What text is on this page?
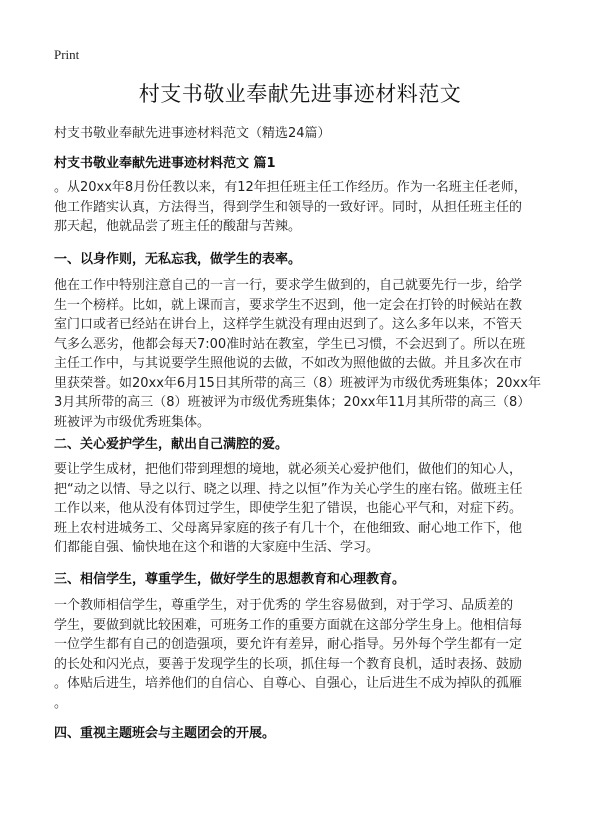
Print
村支书敬业奉献先进事迹材料范文
村支书敬业奉献先进事迹材料范文（精选24篇）
村支书敬业奉献先进事迹材料范文 篇1
。从20xx年8月份任教以来，有12年担任班主任工作经历。作为一名班主任老师，
他工作踏实认真，方法得当，得到学生和领导的一致好评。同时，从担任班主任的
那天起，他就品尝了班主任的酸甜与苦辣。
一、以身作则，无私忘我，做学生的表率。
他在工作中特别注意自己的一言一行，要求学生做到的，自己就要先行一步，给学
生一个榜样。比如，就上课而言，要求学生不迟到，他一定会在打铃的时候站在教
室门口或者已经站在讲台上，这样学生就没有理由迟到了。这么多年以来，不管天
气多么恶劣，他都会每天7:00准时站在教室，学生已习惯，不会迟到了。所以在班
主任工作中，与其说要学生照他说的去做，不如改为照他做的去做。并且多次在市
里获荣誉。如20xx年6月15日其所带的高三（8）班被评为市级优秀班集体；20xx年
3月其所带的高三（8）班被评为市级优秀班集体；20xx年11月其所带的高三（8）
班被评为市级优秀班集体。
二、关心爱护学生，献出自己满腔的爱。
要让学生成材，把他们带到理想的境地，就必须关心爱护他们，做他们的知心人，
把“动之以情、导之以行、晓之以理、持之以恒”作为关心学生的座右铭。做班主任
工作以来，他从没有体罚过学生，即使学生犯了错误，也能心平气和，对症下药。
班上农村进城务工、父母离异家庭的孩子有几十个，在他细致、耐心地工作下，他
们都能自强、愉快地在这个和谐的大家庭中生活、学习。
三、相信学生，尊重学生，做好学生的思想教育和心理教育。
一个教师相信学生，尊重学生，对于优秀的 学生容易做到，对于学习、品质差的
学生，要做到就比较困难，可班务工作的重要方面就在这部分学生身上。他相信每
一位学生都有自己的创造强项，要允许有差异，耐心指导。另外每个学生都有一定
的长处和闪光点，要善于发现学生的长项，抓住每一个教育良机，适时表扬、鼓励
。体贴后进生，培养他们的自信心、自尊心、自强心，让后进生不成为掉队的孤雁
。
四、重视主题班会与主题团会的开展。
